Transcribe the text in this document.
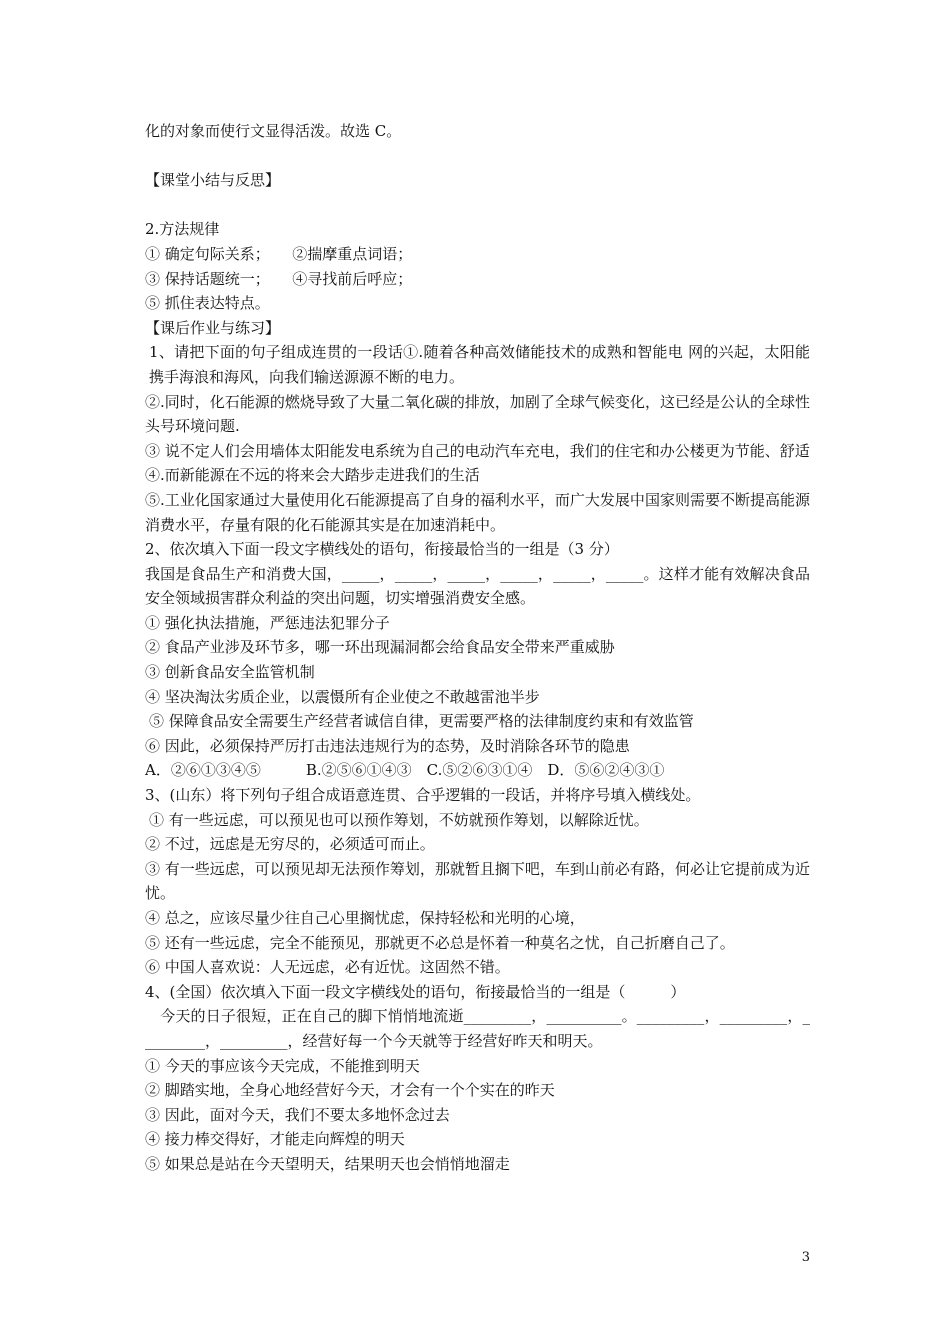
化的对象而使行文显得活泼。故选 C。
【课堂小结与反思】
2.方法规律
① 确定句际关系；　　②揣摩重点词语；
③ 保持话题统一；　　④寻找前后呼应；
⑤ 抓住表达特点。
【课后作业与练习】
1、请把下面的句子组成连贯的一段话①.随着各种高效储能技术的成熟和智能电 网的兴起，太阳能携手海浪和海风，向我们输送源源不断的电力。
②.同时，化石能源的燃烧导致了大量二氧化碳的排放，加剧了全球气候变化，这已经是公认的全球性头号环境问题.
③ 说不定人们会用墙体太阳能发电系统为自己的电动汽车充电，我们的住宅和办公楼更为节能、舒适
④.而新能源在不远的将来会大踏步走进我们的生活
⑤.工业化国家通过大量使用化石能源提高了自身的福利水平，而广大发展中国家则需要不断提高能源消费水平，存量有限的化石能源其实是在加速消耗中。
2、依次填入下面一段文字横线处的语句，衔接最恰当的一组是（3 分）
我国是食品生产和消费大国，_____，_____，_____，_____，_____，_____。这样才能有效解决食品安全领域损害群众利益的突出问题，切实增强消费安全感。
① 强化执法措施，严惩违法犯罪分子
② 食品产业涉及环节多，哪一环出现漏洞都会给食品安全带来严重威胁
③ 创新食品安全监管机制
④ 坚决淘汰劣质企业，以震慑所有企业使之不敢越雷池半步
⑤ 保障食品安全需要生产经营者诚信自律，更需要严格的法律制度约束和有效监管
⑥ 因此，必须保持严厉打击违法违规行为的态势，及时消除各环节的隐患
A．②⑥①③④⑤　　　B.②⑤⑥①④③　C.⑤②⑥③①④　D．⑤⑥②④③①
3、(山东）将下列句子组合成语意连贯、合乎逻辑的一段话，并将序号填入横线处。
① 有一些远虑，可以预见也可以预作筹划，不妨就预作筹划，以解除近忧。
② 不过，远虑是无穷尽的，必须适可而止。
③ 有一些远虑，可以预见却无法预作筹划，那就暂且搁下吧，车到山前必有路，何必让它提前成为近忧。
④ 总之，应该尽量少往自己心里搁忧虑，保持轻松和光明的心境，
⑤ 还有一些远虑，完全不能预见，那就更不必总是怀着一种莫名之忧，自己折磨自己了。
⑥ 中国人喜欢说：人无远虑，必有近忧。这固然不错。
4、(全国）依次填入下面一段文字横线处的语句，衔接最恰当的一组是（　　　）
　今天的日子很短，正在自己的脚下悄悄地流逝_________，__________。_________，_________，_________，_________，经营好每一个今天就等于经营好昨天和明天。
① 今天的事应该今天完成，不能推到明天
② 脚踏实地，全身心地经营好今天，才会有一个个实在的昨天
③ 因此，面对今天，我们不要太多地怀念过去
④ 接力棒交得好，才能走向辉煌的明天
⑤ 如果总是站在今天望明天，结果明天也会悄悄地溜走
3
